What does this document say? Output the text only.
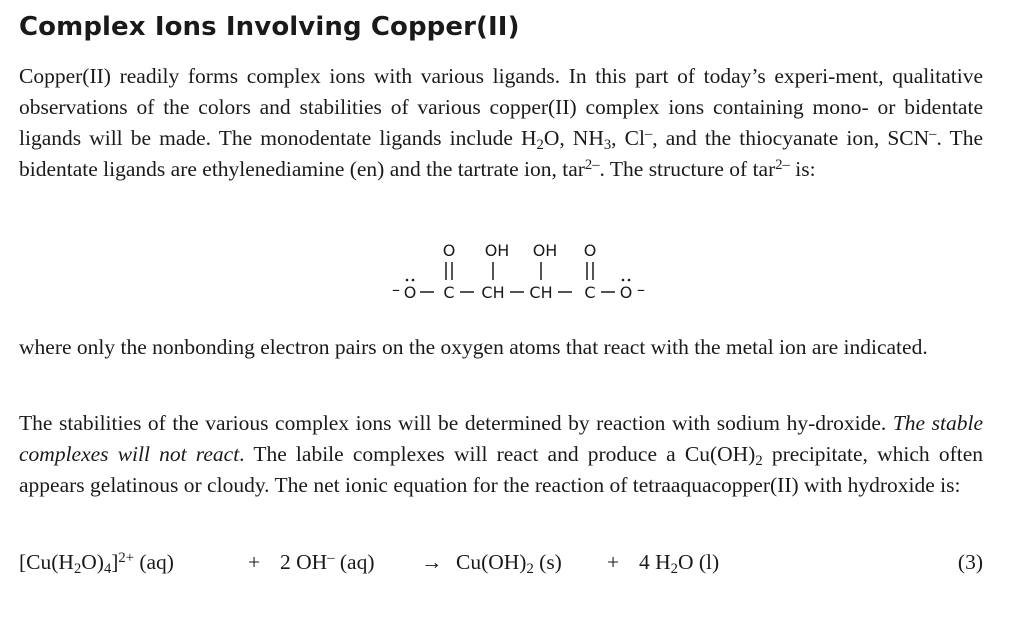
Complex Ions Involving Copper(II)

Copper(II) readily forms complex ions with various ligands. In this part of today’s experi-ment, qualitative observations of the colors and stabilities of various copper(II) complex ions containing mono- or bidentate ligands will be made. The monodentate ligands include $H_2O$, $NH_3$, Cl–, and the thiocyanate ion, SCN–. The bidentate ligands are ethylenediamine (en) and the tartrate ion, tar$^{2-}$. The structure of tar$^{2-}$ is:

O OH OH O
– O C CH CH C O –

where only the nonbonding electron pairs on the oxygen atoms that react with the metal ion are indicated.

The stabilities of the various complex ions will be determined by reaction with sodium hy-droxide. The stable complexes will not react. The labile complexes will react and produce a $Cu(OH)_2$ precipitate, which often appears gelatinous or cloudy. The net ionic equation for the reaction of tetraaquacopper(II) with hydroxide is:

$[Cu(H_2O)_4]^{2+}$ (aq)	+ 2 OH– $(aq) \to Cu(OH)_2$ (s) + 4 $H_2O$ (l)	(3)
